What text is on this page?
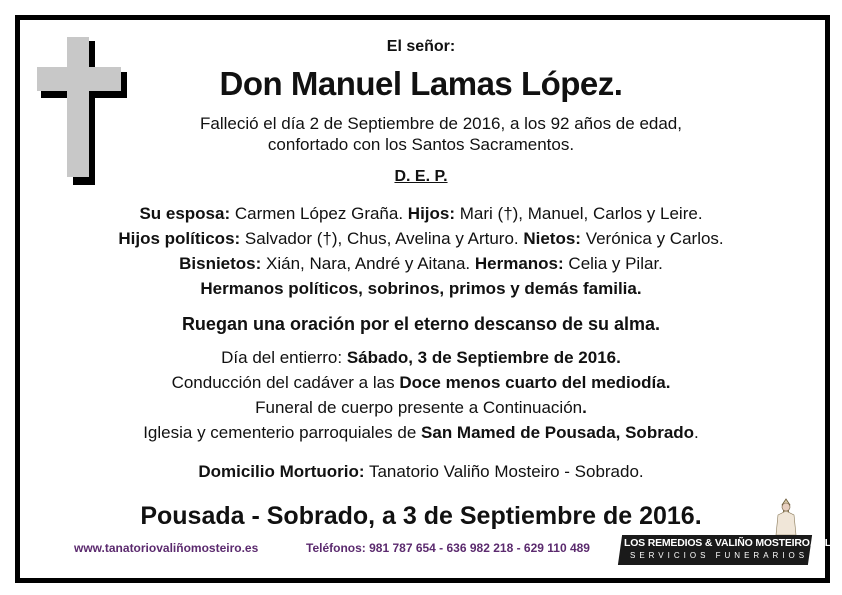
El señor:
Don Manuel Lamas López.
Falleció el día 2 de Septiembre de 2016, a los 92 años de edad,
confortado con los Santos Sacramentos.
D. E. P.
Su esposa: Carmen López Graña. Hijos: Mari (†), Manuel, Carlos y Leire.
Hijos políticos: Salvador (†), Chus, Avelina y Arturo. Nietos: Verónica y Carlos.
Bisnietos: Xián, Nara, André y Aitana. Hermanos: Celia y Pilar.
Hermanos políticos, sobrinos, primos y demás familia.
Ruegan una oración por el eterno descanso de su alma.
Día del entierro: Sábado, 3 de Septiembre de 2016.
Conducción del cadáver a las Doce menos cuarto del mediodía.
Funeral de cuerpo presente a Continuación.
Iglesia y cementerio parroquiales de San Mamed de Pousada, Sobrado.
Domicilio Mortuorio: Tanatorio Valiño Mosteiro - Sobrado.
Pousada - Sobrado, a 3 de Septiembre de 2016.
www.tanatoriovaliñomosteiro.es	Teléfonos: 981 787 654 - 636 982 218 - 629 110 489	LOS REMEDIOS & VALIÑO MOSTEIRO, S.L.
SERVICIOS FUNERARIOS
